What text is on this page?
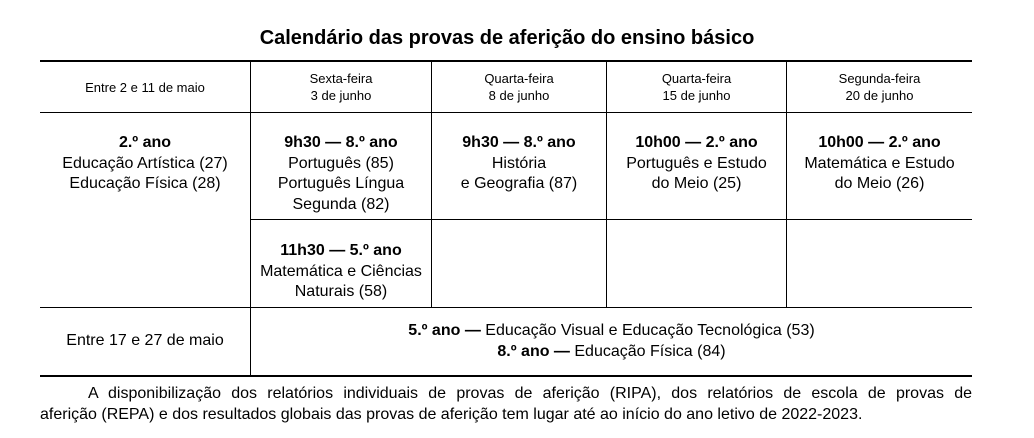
Calendário das provas de aferição do ensino básico
Entre 2 e 11 de maio
Sexta-feira
3 de junho
Quarta-feira
8 de junho
Quarta-feira
15 de junho
Segunda-feira
20 de junho
2.º ano
Educação Artística (27)
Educação Física (28)
9h30 — 8.º ano
Português (85)
Português Língua
Segunda (82)
9h30 — 8.º ano
História
e Geografia (87)
10h00 — 2.º ano
Português e Estudo
do Meio (25)
10h00 — 2.º ano
Matemática e Estudo
do Meio (26)
11h30 — 5.º ano
Matemática e Ciências
Naturais (58)
Entre 17 e 27 de maio
5.º ano — Educação Visual e Educação Tecnológica (53)
8.º ano — Educação Física (84)
A disponibilização dos relatórios individuais de provas de aferição (RIPA), dos relatórios de escola de provas de
aferição (REPA) e dos resultados globais das provas de aferição tem lugar até ao início do ano letivo de 2022-2023.
